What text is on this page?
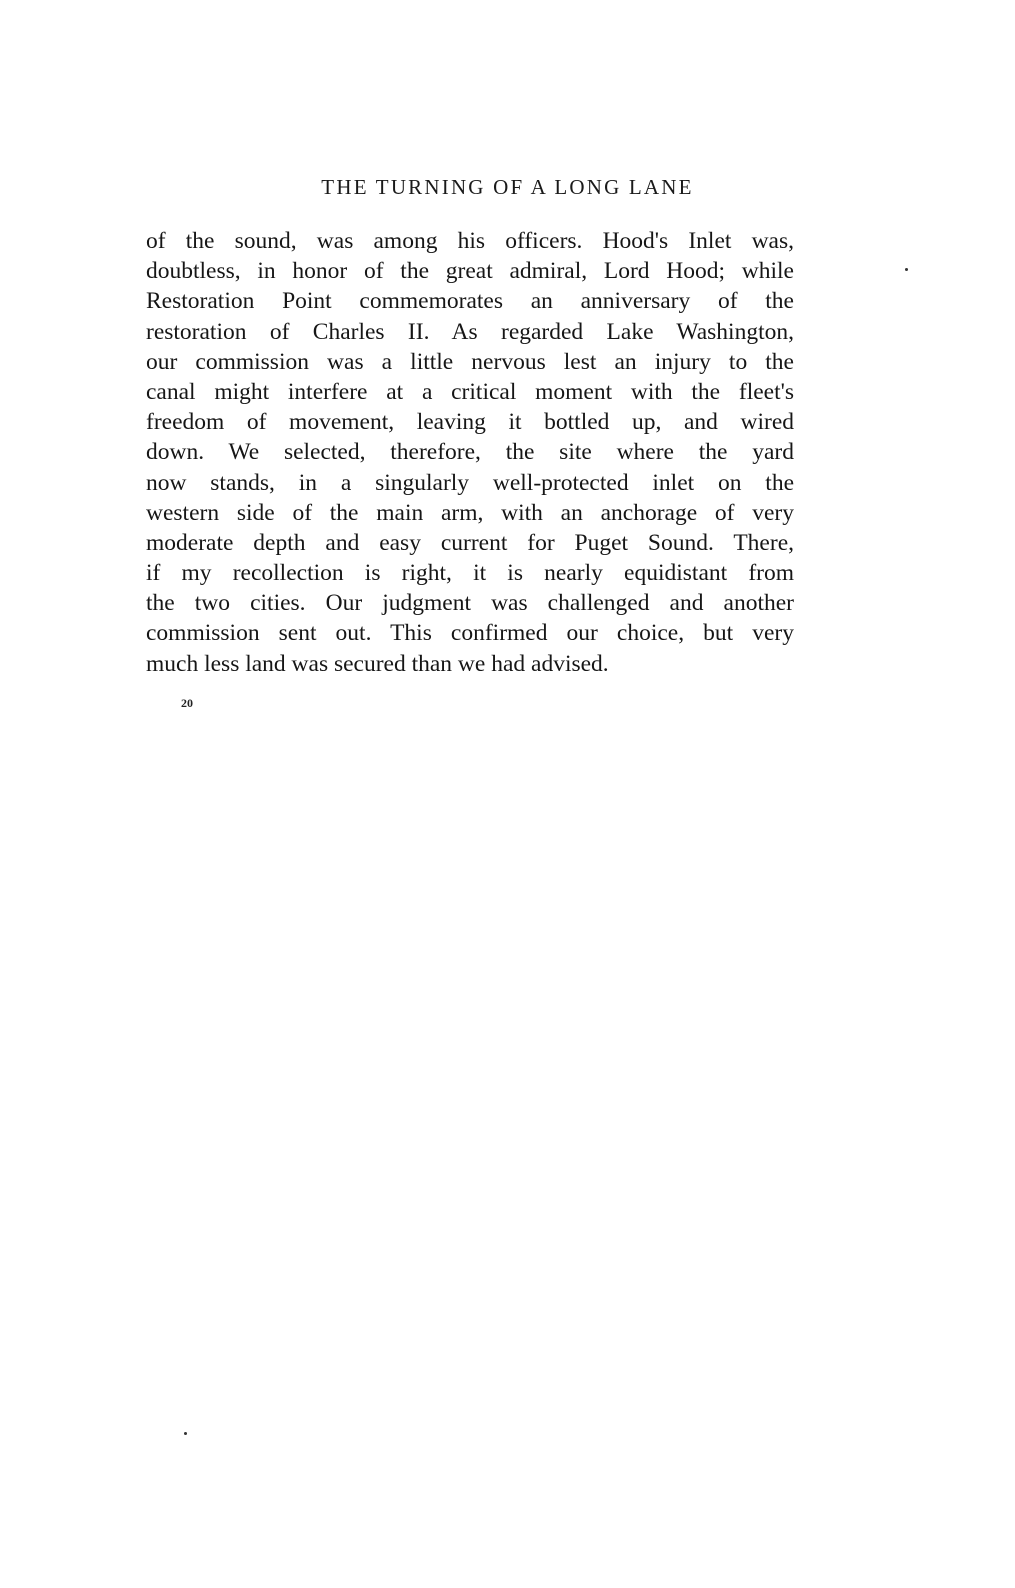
THE TURNING OF A LONG LANE
of the sound, was among his officers. Hood's Inlet was,
doubtless, in honor of the great admiral, Lord Hood; while
Restoration Point commemorates an anniversary of the
restoration of Charles II. As regarded Lake Washington,
our commission was a little nervous lest an injury to the
canal might interfere at a critical moment with the fleet's
freedom of movement, leaving it bottled up, and wired
down. We selected, therefore, the site where the yard
now stands, in a singularly well-protected inlet on the
western side of the main arm, with an anchorage of very
moderate depth and easy current for Puget Sound. There,
if my recollection is right, it is nearly equidistant from
the two cities. Our judgment was challenged and another
commission sent out. This confirmed our choice, but very
much less land was secured than we had advised.
20
